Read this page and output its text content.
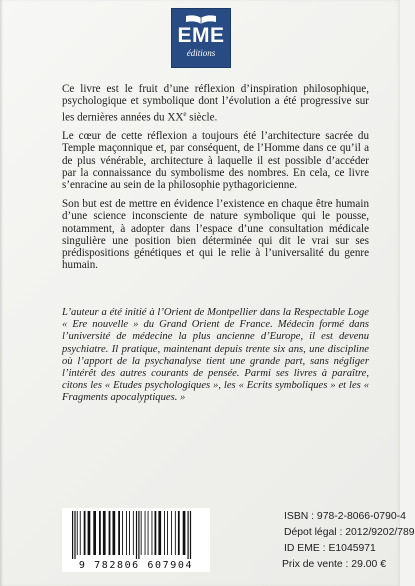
EME
éditions

Ce livre est le fruit d’une réflexion d’inspiration philosophique, psychologique et symbolique dont l’évolution a été progressive sur les dernières années du XXe siècle.

Le cœur de cette réflexion a toujours été l’architecture sacrée du Temple maçonnique et, par conséquent, de l’Homme dans ce qu’il a de plus vénérable, architecture à laquelle il est possible d’accéder par la connaissance du symbolisme des nombres. En cela, ce livre s’enracine au sein de la philosophie pythagoricienne.

Son but est de mettre en évidence l’existence en chaque être humain d’une science inconsciente de nature symbolique qui le pousse, notamment, à adopter dans l’espace d’une consultation médicale singulière une position bien déterminée qui dit le vrai sur ses prédispositions génétiques et qui le relie à l’universalité du genre humain.

L’auteur a été initié à l’Orient de Montpellier dans la Respectable Loge « Ere nouvelle » du Grand Orient de France. Médecin formé dans l’université de médecine la plus ancienne d’Europe, il est devenu psychiatre. Il pratique, maintenant depuis trente six ans, une discipline où l’apport de la psychanalyse tient une grande part, sans négliger l’intérêt des autres courants de pensée. Parmi ses livres à paraître, citons les « Etudes psychologiques », les « Ecrits symboliques » et les « Fragments apocalyptiques. »

9 782806 607904
ISBN : 978-2-8066-0790-4
Dépot légal : 2012/9202/789
ID EME : E1045971
Prix de vente : 29.00 €
